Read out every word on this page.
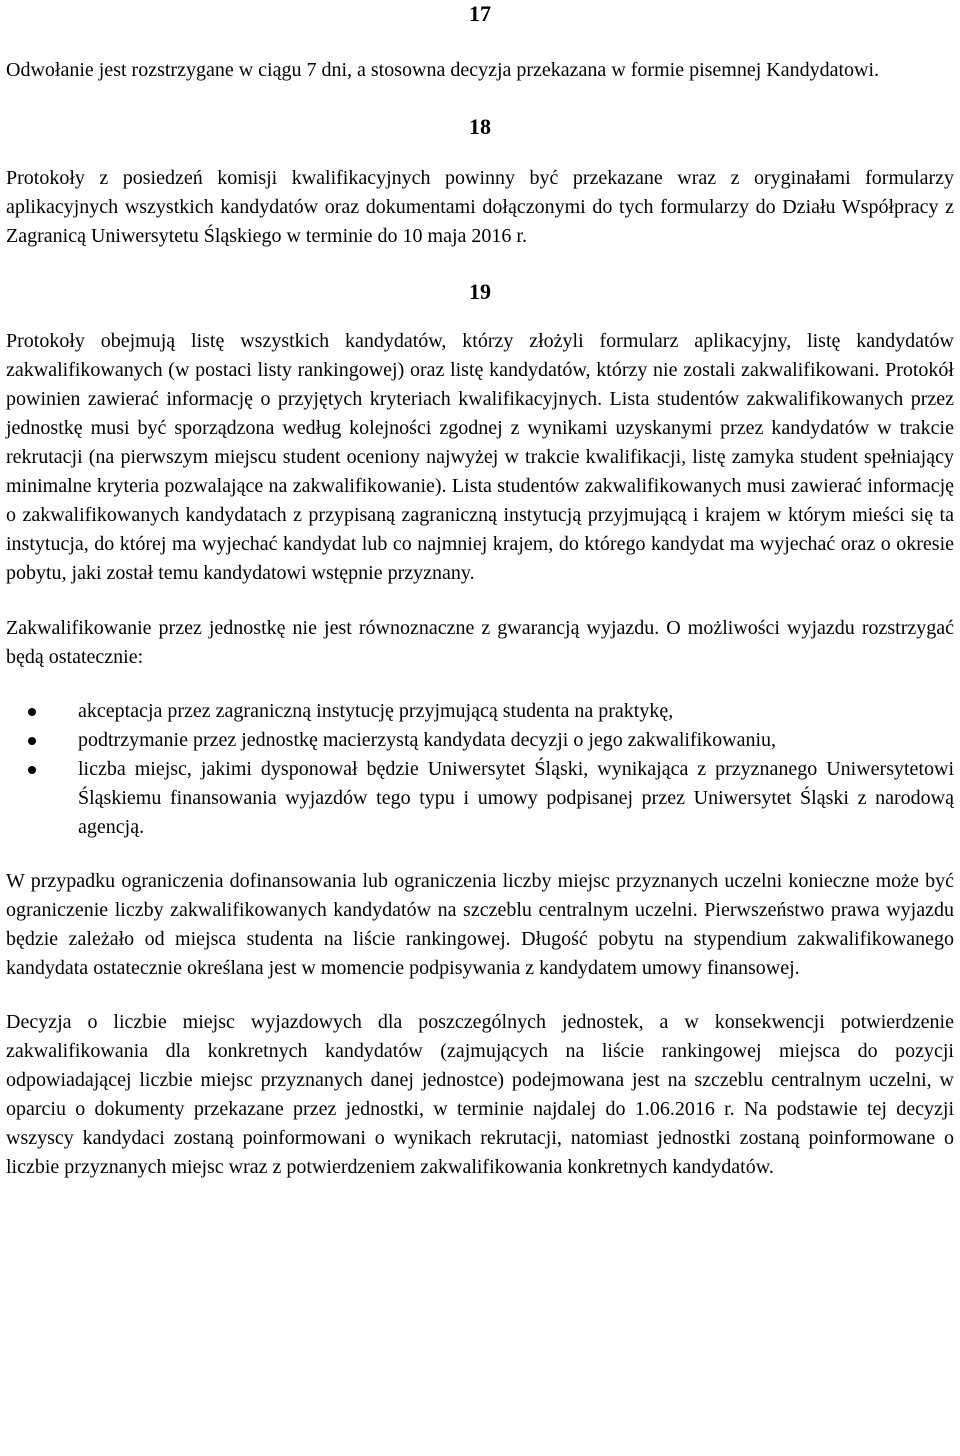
17

Odwołanie jest rozstrzygane w ciągu 7 dni, a stosowna decyzja przekazana w formie pisemnej Kandydatowi.

18

Protokoły z posiedzeń komisji kwalifikacyjnych powinny być przekazane wraz z oryginałami formularzy aplikacyjnych wszystkich kandydatów oraz dokumentami dołączonymi do tych formularzy do Działu Współpracy z Zagranicą Uniwersytetu Śląskiego w terminie do 10 maja 2016 r.

19

Protokoły obejmują listę wszystkich kandydatów, którzy złożyli formularz aplikacyjny, listę kandydatów zakwalifikowanych (w postaci listy rankingowej) oraz listę kandydatów, którzy nie zostali zakwalifikowani. Protokół powinien zawierać informację o przyjętych kryteriach kwalifikacyjnych. Lista studentów zakwalifikowanych przez jednostkę musi być sporządzona według kolejności zgodnej z wynikami uzyskanymi przez kandydatów w trakcie rekrutacji (na pierwszym miejscu student oceniony najwyżej w trakcie kwalifikacji, listę zamyka student spełniający minimalne kryteria pozwalające na zakwalifikowanie). Lista studentów zakwalifikowanych musi zawierać informację o zakwalifikowanych kandydatach z przypisaną zagraniczną instytucją przyjmującą i krajem w którym mieści się ta instytucja, do której ma wyjechać kandydat lub co najmniej krajem, do którego kandydat ma wyjechać oraz o okresie pobytu, jaki został temu kandydatowi wstępnie przyznany.

Zakwalifikowanie przez jednostkę nie jest równoznaczne z gwarancją wyjazdu. O możliwości wyjazdu rozstrzygać będą ostatecznie:

akceptacja przez zagraniczną instytucję przyjmującą studenta na praktykę,
podtrzymanie przez jednostkę macierzystą kandydata decyzji o jego zakwalifikowaniu,
liczba miejsc, jakimi dysponował będzie Uniwersytet Śląski, wynikająca z przyznanego Uniwersytetowi Śląskiemu finansowania wyjazdów tego typu i umowy podpisanej przez Uniwersytet Śląski z narodową agencją.

W przypadku ograniczenia dofinansowania lub ograniczenia liczby miejsc przyznanych uczelni konieczne może być ograniczenie liczby zakwalifikowanych kandydatów na szczeblu centralnym uczelni. Pierwszeństwo prawa wyjazdu będzie zależało od miejsca studenta na liście rankingowej. Długość pobytu na stypendium zakwalifikowanego kandydata ostatecznie określana jest w momencie podpisywania z kandydatem umowy finansowej.

Decyzja o liczbie miejsc wyjazdowych dla poszczególnych jednostek, a w konsekwencji potwierdzenie zakwalifikowania dla konkretnych kandydatów (zajmujących na liście rankingowej miejsca do pozycji odpowiadającej liczbie miejsc przyznanych danej jednostce) podejmowana jest na szczeblu centralnym uczelni, w oparciu o dokumenty przekazane przez jednostki, w terminie najdalej do 1.06.2016 r. Na podstawie tej decyzji wszyscy kandydaci zostaną poinformowani o wynikach rekrutacji, natomiast jednostki zostaną poinformowane o liczbie przyznanych miejsc wraz z potwierdzeniem zakwalifikowania konkretnych kandydatów.
